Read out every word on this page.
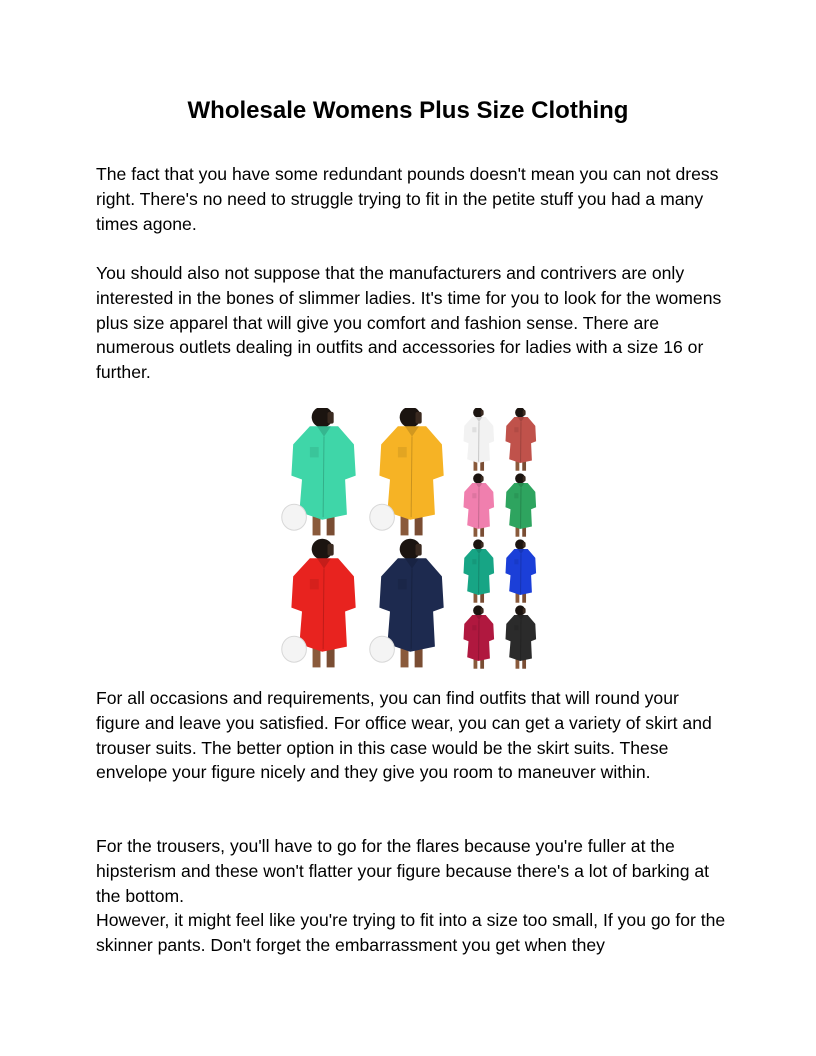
Wholesale Womens Plus Size Clothing

The fact that you have some redundant pounds doesn't mean you can not dress right. There's no need to struggle trying to fit in the petite stuff you had a many times agone.

You should also not suppose that the manufacturers and contrivers are only interested in the bones of slimmer ladies. It's time for you to look for the womens plus size apparel that will give you comfort and fashion sense. There are numerous outlets dealing in outfits and accessories for ladies with a size 16 or further.

For all occasions and requirements, you can find outfits that will round your figure and leave you satisfied. For office wear, you can get a variety of skirt and trouser suits. The better option in this case would be the skirt suits. These envelope your figure nicely and they give you room to maneuver within.

For the trousers, you'll have to go for the flares because you're fuller at the hipsterism and these won't flatter your figure because there's a lot of barking at the bottom.

However, it might feel like you're trying to fit into a size too small, If you go for the skinner pants. Don't forget the embarrassment you get when they
